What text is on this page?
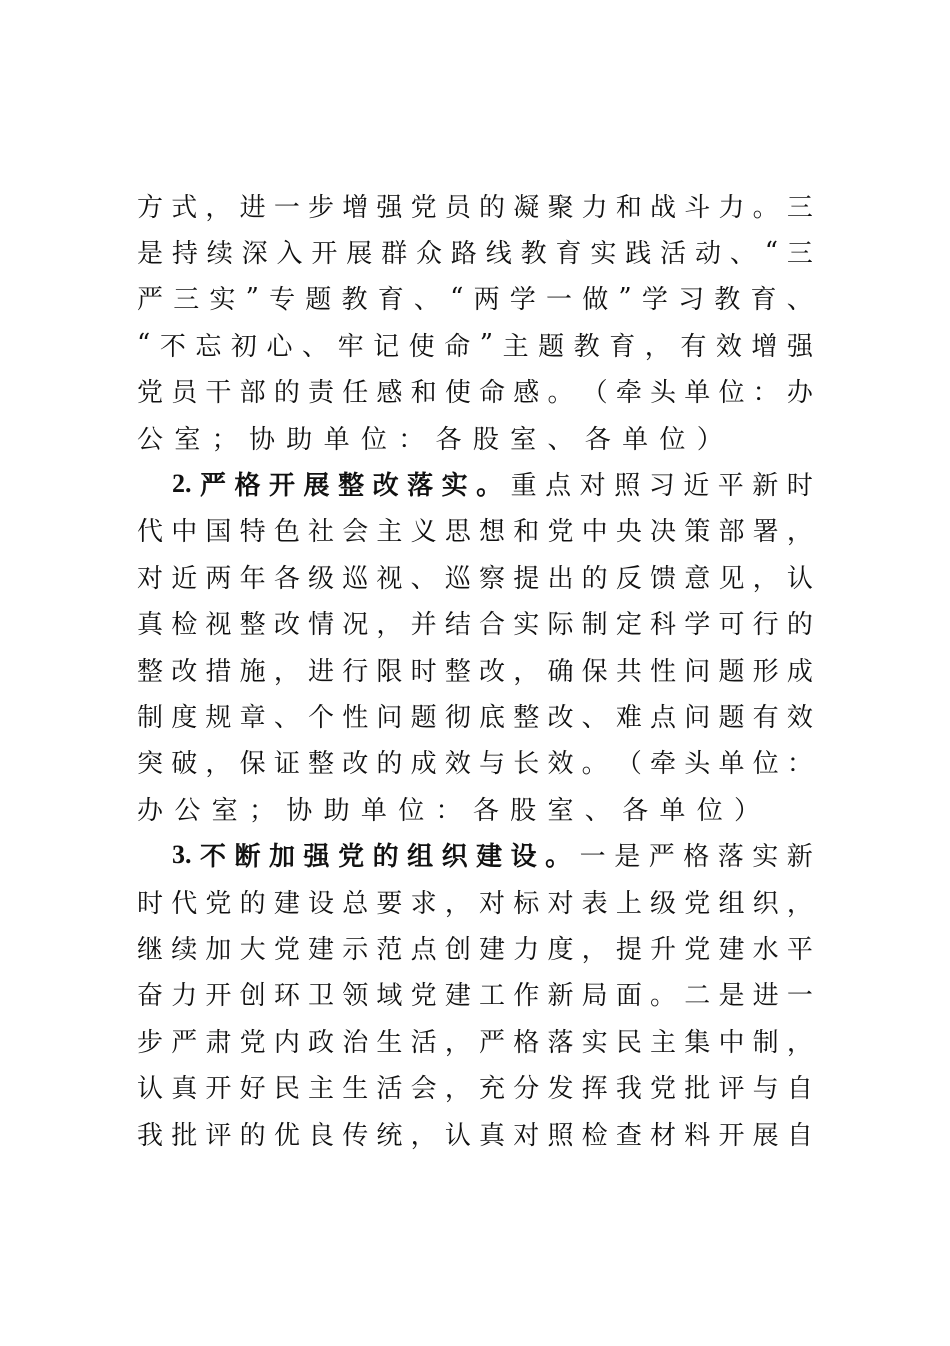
方 式 ， 进 一 步 增 强 党 员 的 凝 聚 力 和 战 斗 力 。 三
是 持 续 深 入 开 展 群 众 路 线 教 育 实 践 活 动 、 “ 三
严 三 实 ” 专 题 教 育 、 “ 两 学 一 做 ” 学 习 教 育 、
“ 不 忘 初 心 、 牢 记 使 命 ” 主 题 教 育 ， 有 效 增 强
党 员 干 部 的 责 任 感 和 使 命 感 。 （ 牵 头 单 位 ： 办
公 室 ； 协 助 单 位 ： 各 股 室 、 各 单 位 ）
2. 严 格 开 展 整 改 落 实 。 重 点 对 照 习 近 平 新 时
代 中 国 特 色 社 会 主 义 思 想 和 党 中 央 决 策 部 署 ，
对 近 两 年 各 级 巡 视 、 巡 察 提 出 的 反 馈 意 见 ， 认
真 检 视 整 改 情 况 ， 并 结 合 实 际 制 定 科 学 可 行 的
整 改 措 施 ， 进 行 限 时 整 改 ， 确 保 共 性 问 题 形 成
制 度 规 章 、 个 性 问 题 彻 底 整 改 、 难 点 问 题 有 效
突 破 ， 保 证 整 改 的 成 效 与 长 效 。 （ 牵 头 单 位 ：
办 公 室 ； 协 助 单 位 ： 各 股 室 、 各 单 位 ）
3. 不 断 加 强 党 的 组 织 建 设 。 一 是 严 格 落 实 新
时 代 党 的 建 设 总 要 求 ， 对 标 对 表 上 级 党 组 织 ，
继 续 加 大 党 建 示 范 点 创 建 力 度 ， 提 升 党 建 水 平
奋 力 开 创 环 卫 领 域 党 建 工 作 新 局 面 。 二 是 进 一
步 严 肃 党 内 政 治 生 活 ， 严 格 落 实 民 主 集 中 制 ，
认 真 开 好 民 主 生 活 会 ， 充 分 发 挥 我 党 批 评 与 自
我 批 评 的 优 良 传 统 ， 认 真 对 照 检 查 材 料 开 展 自
